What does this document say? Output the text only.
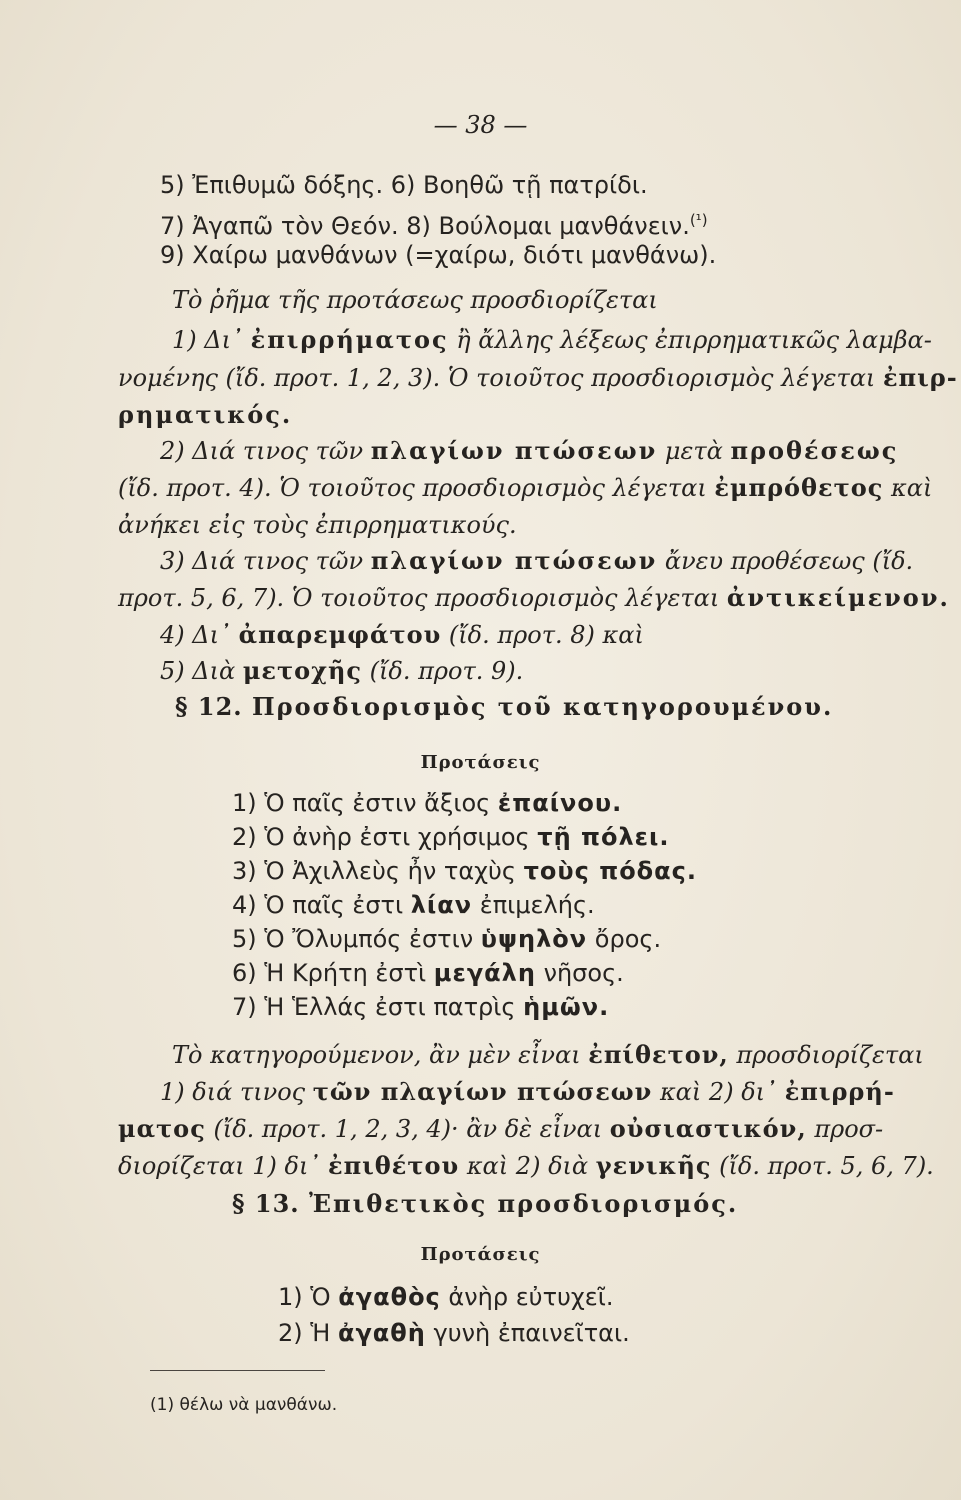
— 38 —
5) Ἐπιθυμῶ δόξης. 6) Βοηθῶ τῇ πατρίδι.
7) Ἀγαπῶ τὸν Θεόν. 8) Βούλομαι μανθάνειν.$^{(^1)}$
9) Χαίρω μανθάνων (=χαίρω, διότι μανθάνω).
Τὸ ῥῆμα τῆς προτάσεως προσδιορίζεται
1) Δι᾽ ἐπιρρήματος ἢ ἄλλης λέξεως ἐπιρρηματικῶς λαμβα-
νομένης (ἴδ. προτ. 1, 2, 3). Ὁ τοιοῦτος προσδιορισμὸς λέγεται ἐπιρ-
ρηματικός.
2) Διά τινος τῶν πλαγίων πτώσεων μετὰ προθέσεως
(ἴδ. προτ. 4). Ὁ τοιοῦτος προσδιορισμὸς λέγεται ἐμπρόθετος καὶ
ἀνήκει εἰς τοὺς ἐπιρρηματικούς.
3) Διά τινος τῶν πλαγίων πτώσεων ἄνευ προθέσεως (ἴδ.
προτ. 5, 6, 7). Ὁ τοιοῦτος προσδιορισμὸς λέγεται ἀντικείμενον.
4) Δι᾽ ἀπαρεμφάτου (ἴδ. προτ. 8) καὶ
5) Διὰ μετοχῆς (ἴδ. προτ. 9).
§ 12. Προσδιορισμὸς τοῦ κατηγορουμένου.
Προτάσεις
1) Ὁ παῖς ἐστιν ἄξιος ἐπαίνου.
2) Ὁ ἀνὴρ ἐστι χρήσιμος τῇ πόλει.
3) Ὁ Ἀχιλλεὺς ἦν ταχὺς τοὺς πόδας.
4) Ὁ παῖς ἐστι λίαν ἐπιμελής.
5) Ὁ Ὄλυμπός ἐστιν ὑψηλὸν ὄρος.
6) Ἡ Κρήτη ἐστὶ μεγάλη νῆσος.
7) Ἡ Ἑλλάς ἐστι πατρὶς ἡμῶν.
Τὸ κατηγορούμενον, ἂν μὲν εἶναι ἐπίθετον, προσδιορίζεται
1) διά τινος τῶν πλαγίων πτώσεων καὶ 2) δι᾽ ἐπιρρή-
ματος (ἴδ. προτ. 1, 2, 3, 4)· ἂν δὲ εἶναι οὐσιαστικόν, προσ-
διορίζεται 1) δι᾽ ἐπιθέτου καὶ 2) διὰ γενικῆς (ἴδ. προτ. 5, 6, 7).
§ 13. Ἐπιθετικὸς προσδιορισμός.
Προτάσεις
1) Ὁ ἀγαθὸς ἀνὴρ εὐτυχεῖ.
2) Ἡ ἀγαθὴ γυνὴ ἐπαινεῖται.
(1) θέλω νὰ μανθάνω.
